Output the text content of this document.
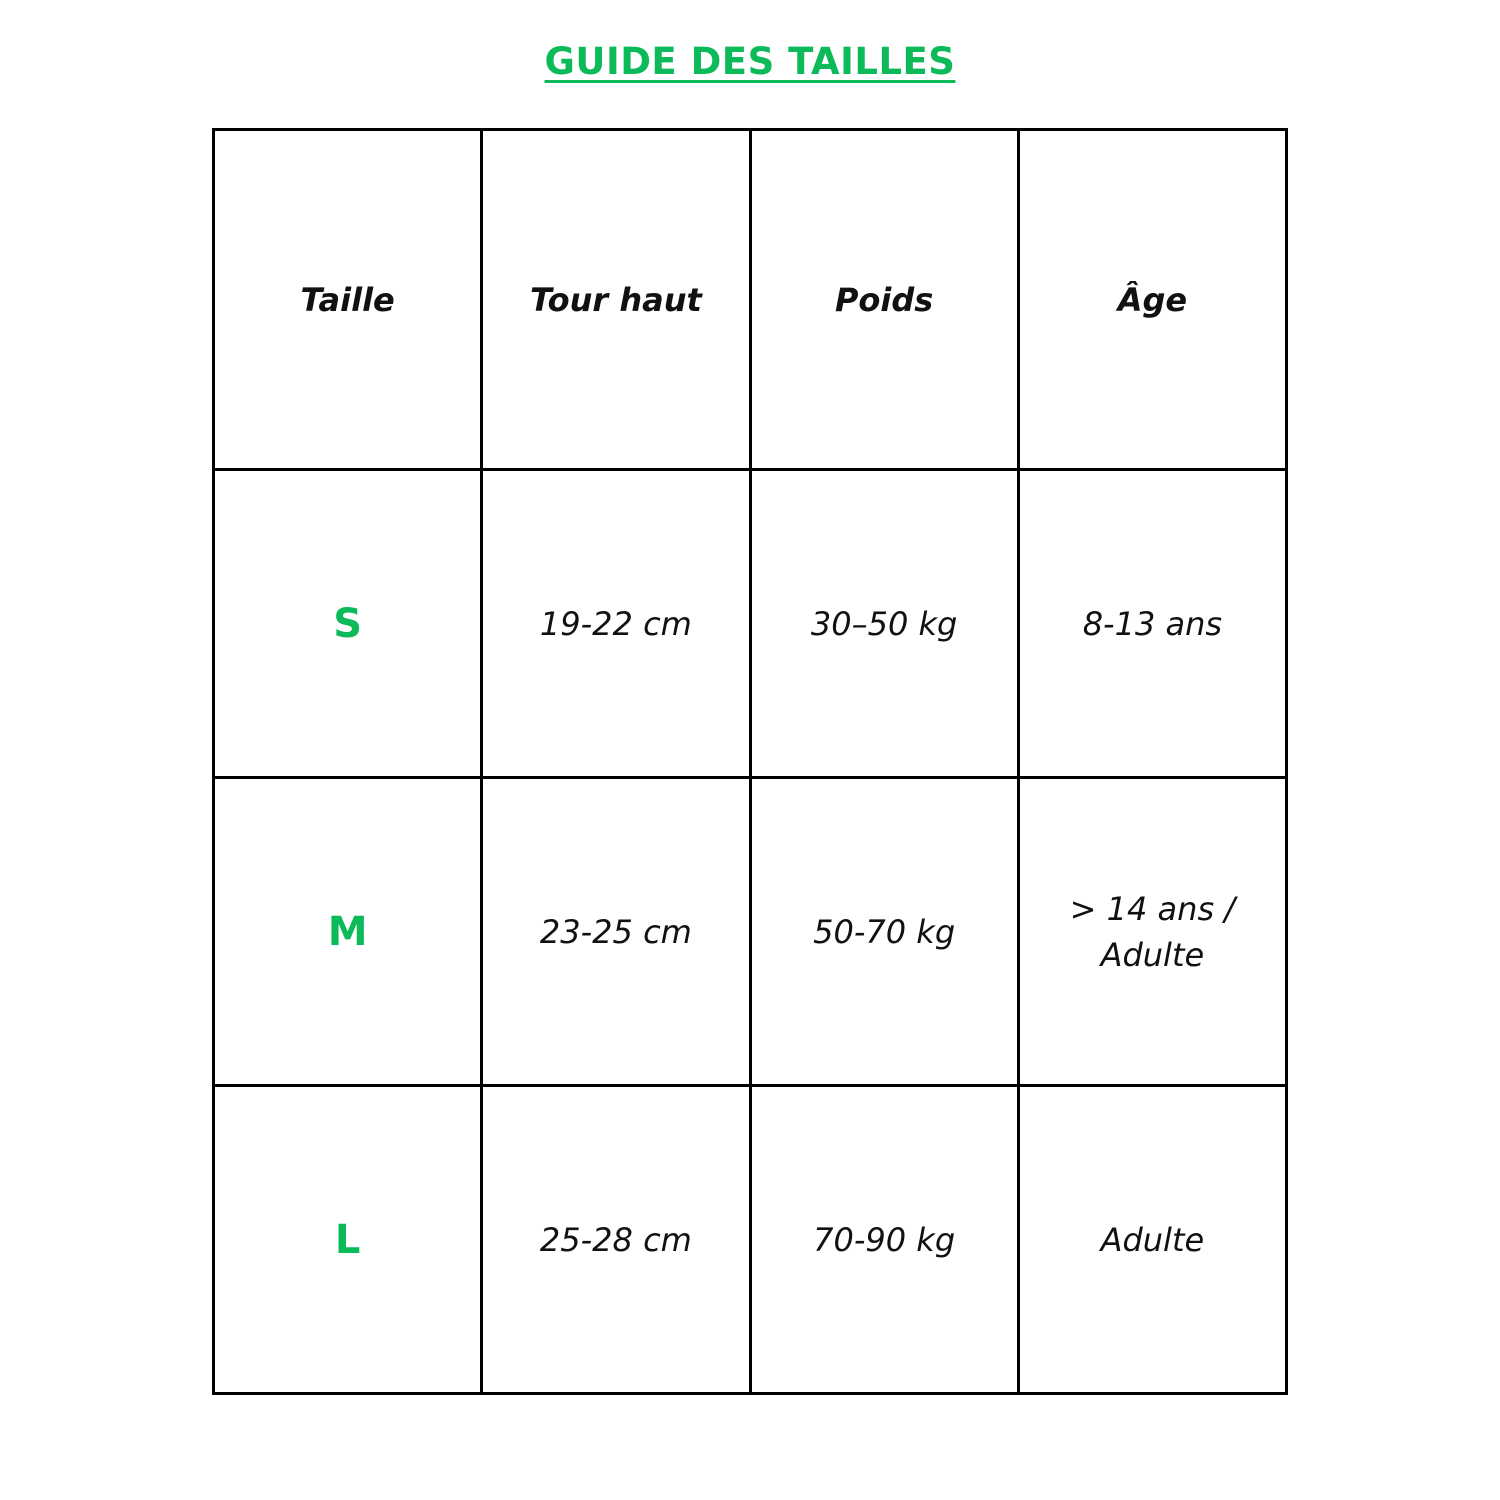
GUIDE DES TAILLES
Taille	Tour haut	Poids	Âge
S	19-22 cm	30–50 kg	8-13 ans
M	23-25 cm	50-70 kg	> 14 ans / Adulte
L	25-28 cm	70-90 kg	Adulte
